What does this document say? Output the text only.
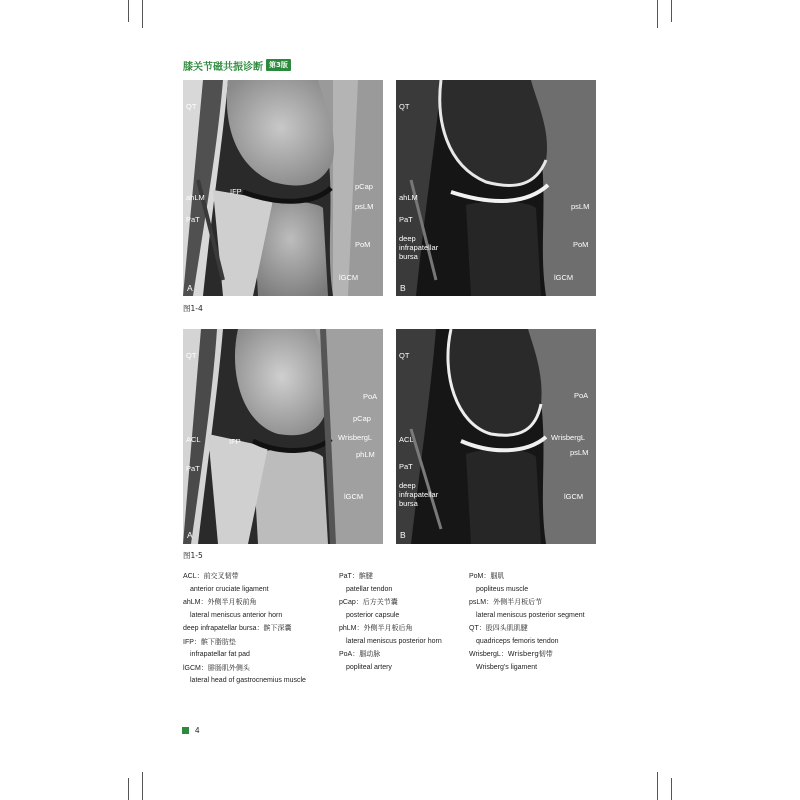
膝关节磁共振诊断 第3版
QT
IFP
ahLM
PaT
pCap
psLM
PoM
lGCM
A
QT
ahLM
PaT
deep
infrapatellar
bursa
psLM
PoM
lGCM
B
图1-4
QT
PoA
pCap
ACL	IFP	WrisbergL
phLM
PaT
lGCM
A
QT
PoA
ACL	WrisbergL
psLM
PaT
deep
infrapatellar
bursa
lGCM
B
图1-5
ACL：前交叉韧带
anterior cruciate ligament
ahLM：外侧半月板前角
lateral meniscus anterior horn
deep infrapatellar bursa：髌下深囊
IFP：髌下脂肪垫
infrapatellar fat pad
lGCM：腓肠肌外侧头
lateral head of gastrocnemius muscle
PaT：髌腱
patellar tendon
pCap：后方关节囊
posterior capsule
phLM：外侧半月板后角
lateral meniscus posterior horn
PoA：腘动脉
popliteal artery
PoM：腘肌
popliteus muscle
psLM：外侧半月板后节
lateral meniscus posterior segment
QT：股四头肌肌腱
quadriceps femoris tendon
WrisbergL：Wrisberg韧带
Wrisberg's ligament
4
